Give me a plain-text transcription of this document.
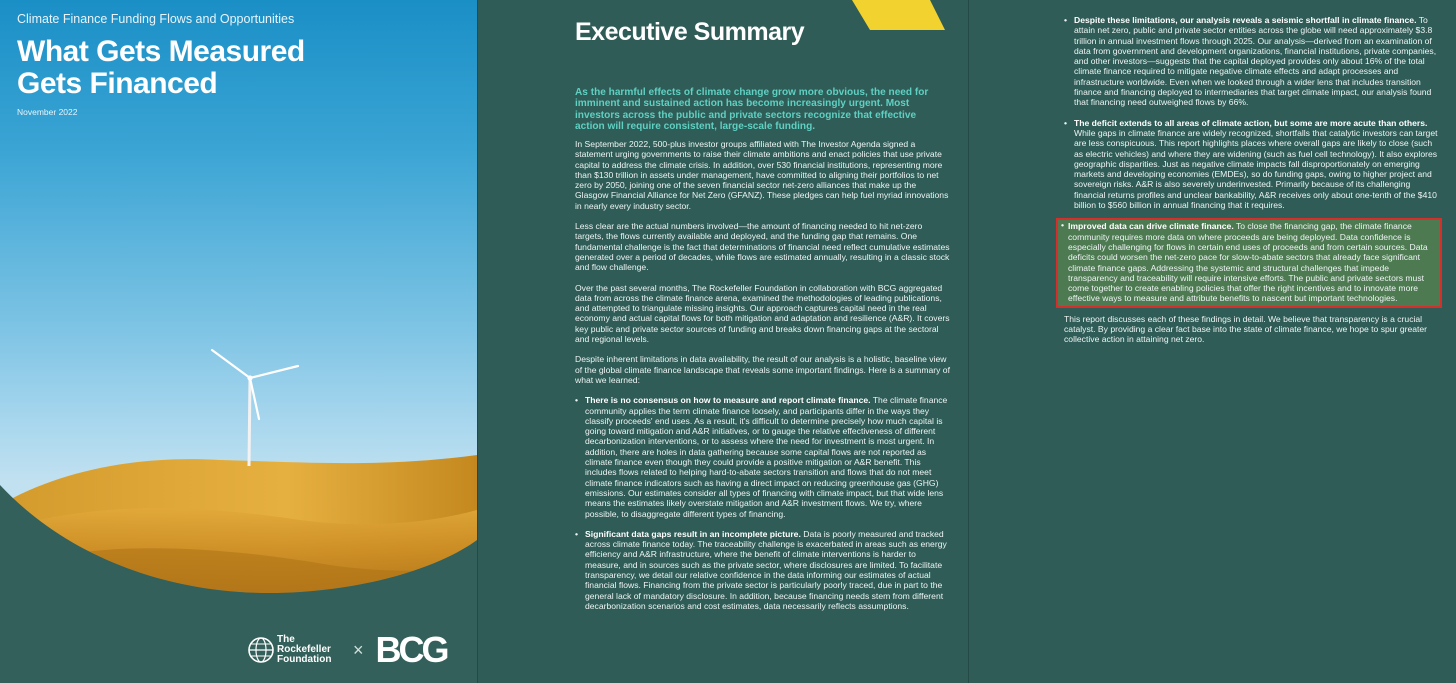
Climate Finance Funding Flows and Opportunities
What Gets Measured
Gets Financed
November 2022
The
Rockefeller
Foundation	× BCG

In September 2022, 500-plus investor groups affiliated with The Investor Agenda signed a statement urging governments to raise their climate ambitions and enact policies that use private capital to address the climate crisis. In addition, over 530 financial institutions, representing more than $130 trillion in assets under management, have committed to aligning their portfolios to net zero by 2050, joining one of the seven financial sector net-zero alliances that make up the Glasgow Financial Alliance for Net Zero (GFANZ). These pledges can help fuel myriad innovations in nearly every industry sector.

Less clear are the actual numbers involved—the amount of financing needed to hit net-zero targets, the flows currently available and deployed, and the funding gap that remains. One fundamental challenge is the fact that determinations of financial need reflect cumulative estimates generated over a period of decades, while flows are estimated annually, resulting in a classic stock and flow challenge.

Over the past several months, The Rockefeller Foundation in collaboration with BCG aggregated data from across the climate finance arena, examined the methodologies of leading publications, and attempted to triangulate missing insights. Our approach captures capital need in the real economy and actual capital flows for both mitigation and adaptation and resilience (A&R). It covers key public and private sector sources of funding and breaks down financing gaps at the sectoral and regional levels.

Despite inherent limitations in data availability, the result of our analysis is a holistic, baseline view of the global climate finance landscape that reveals some important findings. Here is a summary of what we learned:

• There is no consensus on how to measure and report climate finance. The climate finance community applies the term climate finance loosely, and participants differ in the ways they classify proceeds' end uses. As a result, it's difficult to determine precisely how much capital is going toward mitigation and A&R initiatives, or to gauge the relative effectiveness of different decarbonization interventions, or to assess where the need for investment is most urgent. In addition, there are holes in data gathering because some capital flows are not reported as climate finance even though they could provide a positive mitigation or A&R benefit. This includes flows related to helping hard-to-abate sectors transition and flows that do not meet climate finance indicators such as having a direct impact on reducing greenhouse gas (GHG) emissions. Our estimates consider all types of financing with climate impact, but that wide lens means the estimates likely overstate mitigation and A&R investment flows. We try, where possible, to disaggregate different types of financing.
• Significant data gaps result in an incomplete picture. Data is poorly measured and tracked across climate finance today. The traceability challenge is exacerbated in areas such as energy efficiency and A&R infrastructure, where the benefit of climate interventions is harder to measure, and in sources such as the private sector, where disclosures are limited. To facilitate transparency, we detail our relative confidence in the data informing our estimates of actual financial flows. Financing from the private sector is particularly poorly traced, due in part to the general lack of mandatory disclosure. In addition, because financing needs stem from different decarbonization scenarios and cost estimates, data necessarily reflects assumptions.
Executive Summary
As the harmful effects of climate change grow more obvious, the need for imminent and sustained action has become increasingly urgent. Most investors across the public and private sectors recognize that effective action will require consistent, large-scale funding.
• Despite these limitations, our analysis reveals a seismic shortfall in climate finance. To attain net zero, public and private sector entities across the globe will need approximately $3.8 trillion in annual investment flows through 2025. Our analysis—derived from an examination of data from government and development organizations, financial institutions, private companies, and other investors—suggests that the capital deployed provides only about 16% of the total climate finance required to mitigate negative climate effects and adapt processes and infrastructure worldwide. Even when we looked through a wider lens that includes transition finance and financing deployed to intermediaries that target climate impact, our analysis found that financing need outweighed flows by 66%.
• The deficit extends to all areas of climate action, but some are more acute than others. While gaps in climate finance are widely recognized, shortfalls that catalytic investors can target are less conspicuous. This report highlights places where overall gaps are likely to close (such as electric vehicles) and where they are widening (such as fuel cell technology). It also explores geographic disparities. Just as negative climate impacts fall disproportionately on emerging markets and developing economies (EMDEs), so do funding gaps, owing to higher project and sovereign risks. A&R is also severely underinvested. Primarily because of its challenging financial returns profiles and unclear bankability, A&R receives only about one-tenth of the $410 billion to $560 billion in annual financing that it requires.
• Improved data can drive climate finance. To close the financing gap, the climate finance community requires more data on where proceeds are being deployed. Data confidence is especially challenging for flows in certain end uses of proceeds and from certain sources. Data deficits could worsen the net-zero pace for slow-to-abate sectors that already face significant climate finance gaps. Addressing the systemic and structural challenges that impede transparency and traceability will require intensive efforts. The public and private sectors must come together to create enabling policies that offer the right incentives and to innovate more effective ways to measure and attribute benefits to nascent but important technologies.

This report discusses each of these findings in detail. We believe that transparency is a crucial catalyst. By providing a clear fact base into the state of climate finance, we hope to spur greater collective action in attaining net zero.
